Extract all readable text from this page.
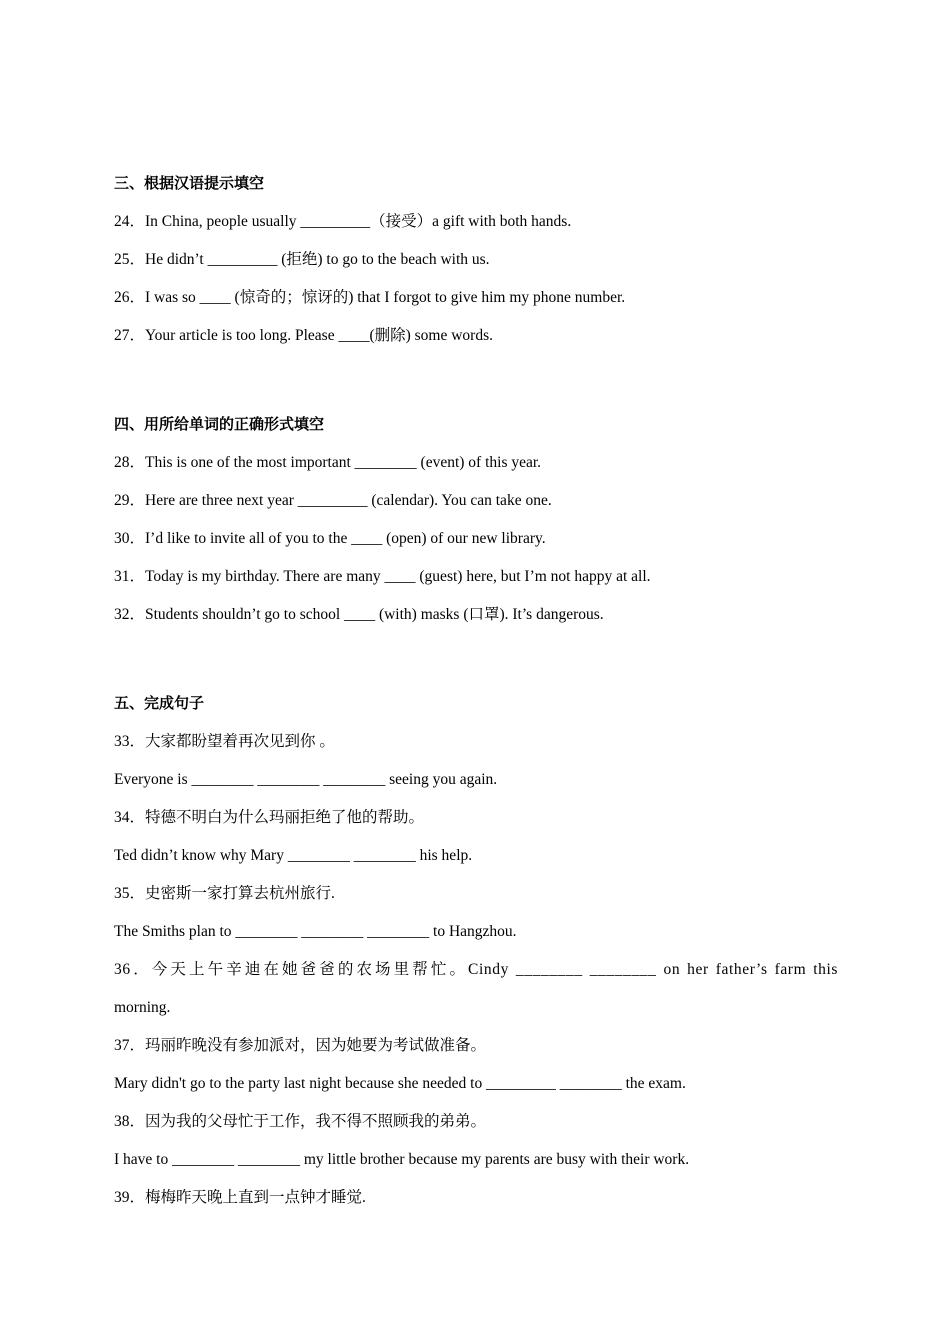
三、根据汉语提示填空
24．In China, people usually _________（接受）a gift with both hands.
25．He didn’t _________ (拒绝) to go to the beach with us.
26．I was so ____ (惊奇的；惊讶的) that I forgot to give him my phone number.
27．Your article is too long. Please ____(删除) some words.
四、用所给单词的正确形式填空
28．This is one of the most important ________ (event) of this year.
29．Here are three next year _________ (calendar). You can take one.
30．I’d like to invite all of you to the ____ (open) of our new library.
31．Today is my birthday. There are many ____ (guest) here, but I’m not happy at all.
32．Students shouldn’t go to school ____ (with) masks (口罩). It’s dangerous.
五、完成句子
33．大家都盼望着再次见到你 。
Everyone is ________ ________ ________ seeing you again.
34．特德不明白为什么玛丽拒绝了他的帮助。
Ted didn’t know why Mary ________ ________ his help.
35．史密斯一家打算去杭州旅行.
The Smiths plan to ________ ________ ________ to Hangzhou.
36．今天上午辛迪在她爸爸的农场里帮忙。Cindy ________ ________ on her father’s farm this
morning.
37．玛丽昨晚没有参加派对，因为她要为考试做准备。
Mary didn't go to the party last night because she needed to _________ ________ the exam.
38．因为我的父母忙于工作，我不得不照顾我的弟弟。
I have to ________ ________ my little brother because my parents are busy with their work.
39．梅梅昨天晚上直到一点钟才睡觉.
